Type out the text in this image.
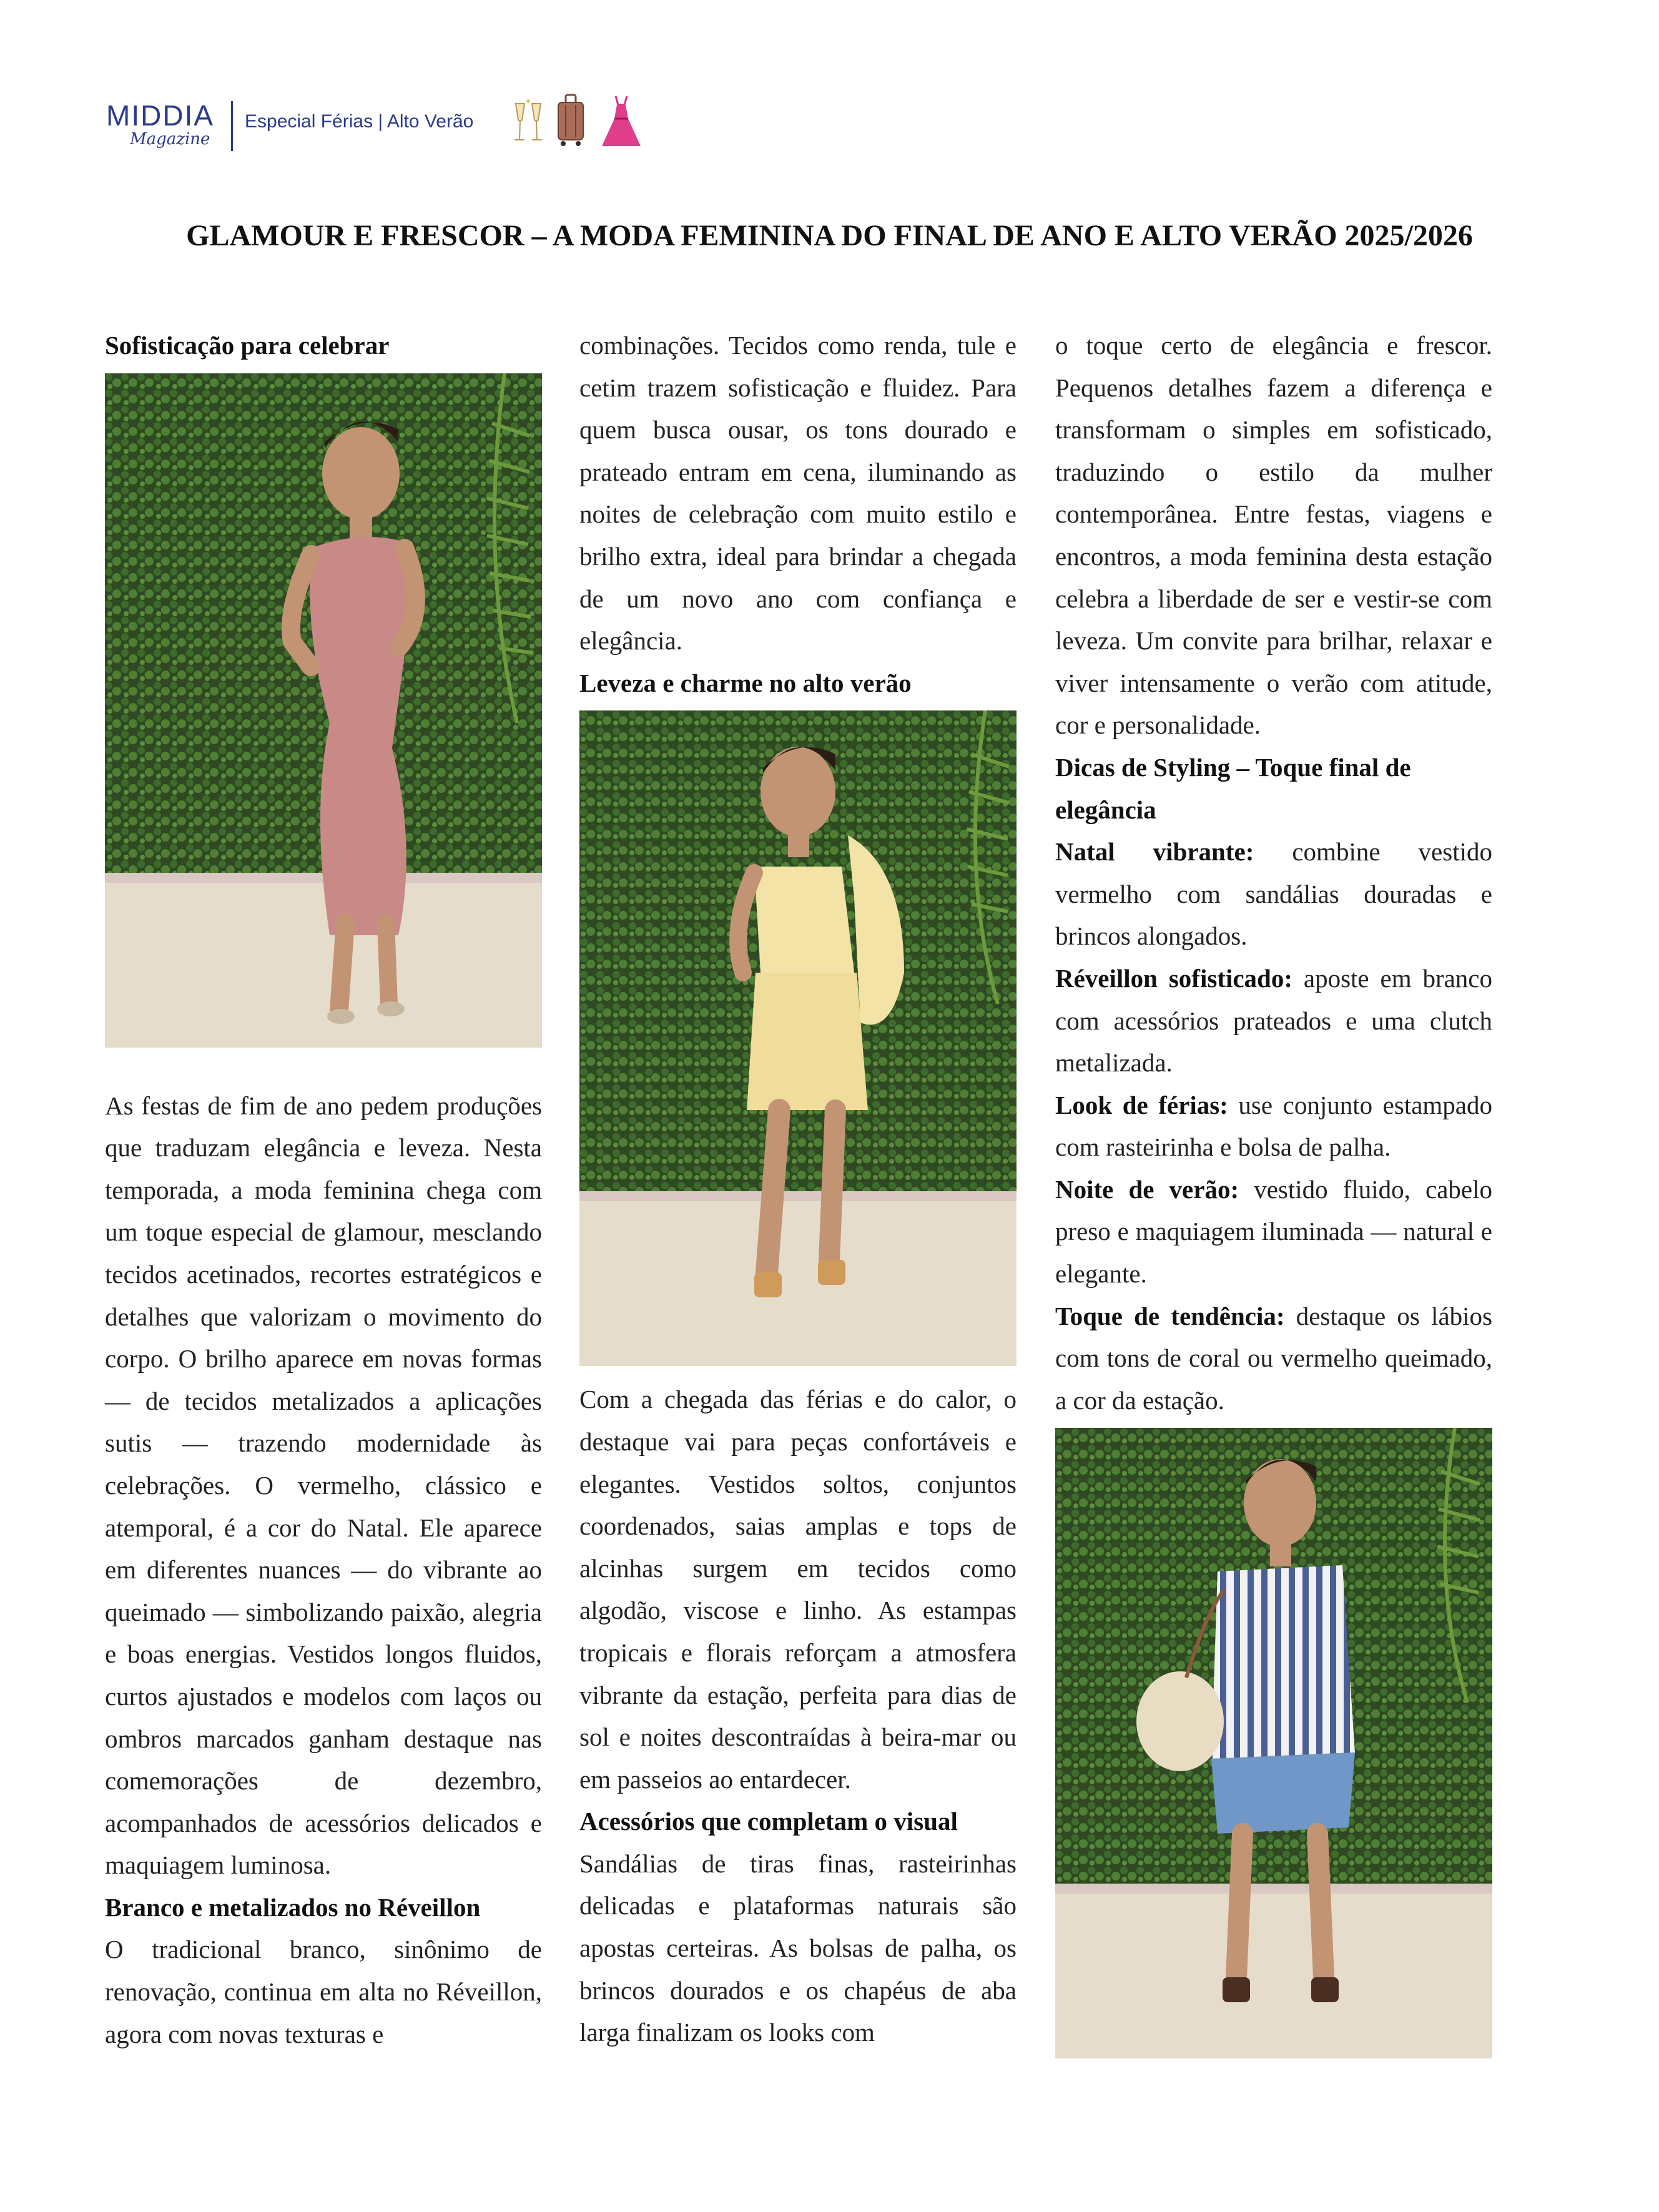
MIDDIA
Magazine
Especial Férias | Alto Verão
GLAMOUR E FRESCOR – A MODA FEMININA DO FINAL DE ANO E ALTO VERÃO 2025/2026
Sofisticação para celebrar

As festas de fim de ano pedem produções que traduzam elegância e leveza. Nesta temporada, a moda feminina chega com um toque especial de glamour, mesclando tecidos acetinados, recortes estratégicos e detalhes que valorizam o movimento do corpo. O brilho aparece em novas formas — de tecidos metalizados a aplicações sutis — trazendo modernidade às celebrações. O vermelho, clássico e atemporal, é a cor do Natal. Ele aparece em diferentes nuances — do vibrante ao queimado — simbolizando paixão, alegria e boas energias. Vestidos longos fluidos, curtos ajustados e modelos com laços ou ombros marcados ganham destaque nas comemorações de dezembro, acompanhados de acessórios delicados e maquiagem luminosa.

Branco e metalizados no Réveillon

O tradicional branco, sinônimo de renovação, continua em alta no Réveillon, agora com novas texturas e

combinações. Tecidos como renda, tule e cetim trazem sofisticação e fluidez. Para quem busca ousar, os tons dourado e prateado entram em cena, iluminando as noites de celebração com muito estilo e brilho extra, ideal para brindar a chegada de um novo ano com confiança e elegância.

Leveza e charme no alto verão

Com a chegada das férias e do calor, o destaque vai para peças confortáveis e elegantes. Vestidos soltos, conjuntos coordenados, saias amplas e tops de alcinhas surgem em tecidos como algodão, viscose e linho. As estampas tropicais e florais reforçam a atmosfera vibrante da estação, perfeita para dias de sol e noites descontraídas à beira-mar ou em passeios ao entardecer.

Acessórios que completam o visual

Sandálias de tiras finas, rasteirinhas delicadas e plataformas naturais são apostas certeiras. As bolsas de palha, os brincos dourados e os chapéus de aba larga finalizam os looks com

o toque certo de elegância e frescor. Pequenos detalhes fazem a diferença e transformam o simples em sofisticado, traduzindo o estilo da mulher contemporânea. Entre festas, viagens e encontros, a moda feminina desta estação celebra a liberdade de ser e vestir-se com leveza. Um convite para brilhar, relaxar e viver intensamente o verão com atitude, cor e personalidade.

Dicas de Styling – Toque final de elegância

Natal vibrante: combine vestido vermelho com sandálias douradas e brincos alongados.

Réveillon sofisticado: aposte em branco com acessórios prateados e uma clutch metalizada.

Look de férias: use conjunto estampado com rasteirinha e bolsa de palha.

Noite de verão: vestido fluido, cabelo preso e maquiagem iluminada — natural e elegante.

Toque de tendência: destaque os lábios com tons de coral ou vermelho queimado, a cor da estação.
